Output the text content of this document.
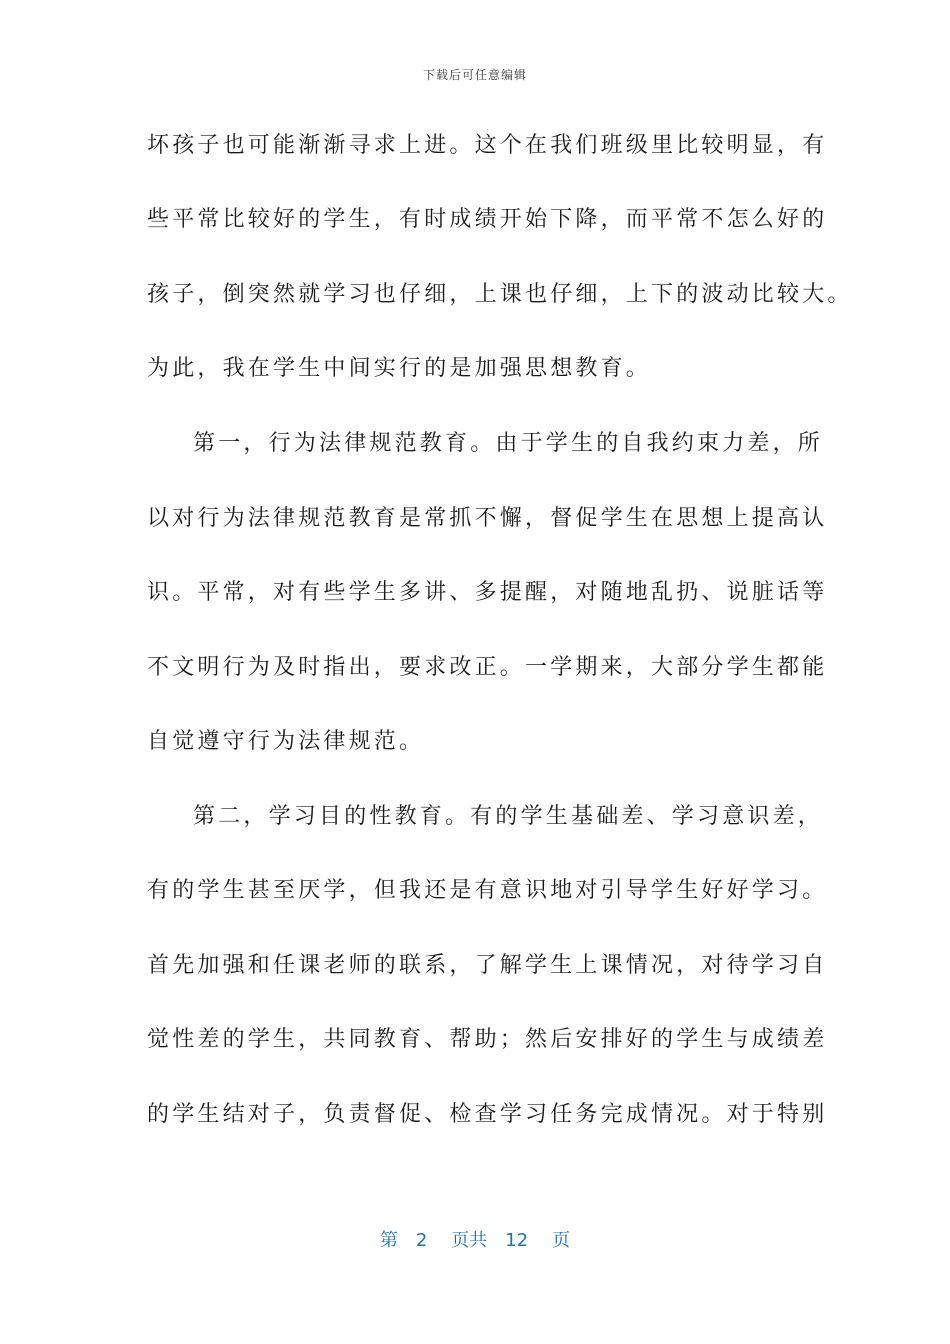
下载后可任意编辑
坏孩子也可能渐渐寻求上进。这个在我们班级里比较明显，有
些平常比较好的学生，有时成绩开始下降，而平常不怎么好的
孩子，倒突然就学习也仔细，上课也仔细，上下的波动比较大。
为此，我在学生中间实行的是加强思想教育。
第一，行为法律规范教育。由于学生的自我约束力差，所
以对行为法律规范教育是常抓不懈，督促学生在思想上提高认
识。平常，对有些学生多讲、多提醒，对随地乱扔、说脏话等
不文明行为及时指出，要求改正。一学期来，大部分学生都能
自觉遵守行为法律规范。
第二，学习目的性教育。有的学生基础差、学习意识差，
有的学生甚至厌学，但我还是有意识地对引导学生好好学习。
首先加强和任课老师的联系，了解学生上课情况，对待学习自
觉性差的学生，共同教育、帮助；然后安排好的学生与成绩差
的学生结对子，负责督促、检查学习任务完成情况。对于特别
第 2 页共 12 页
